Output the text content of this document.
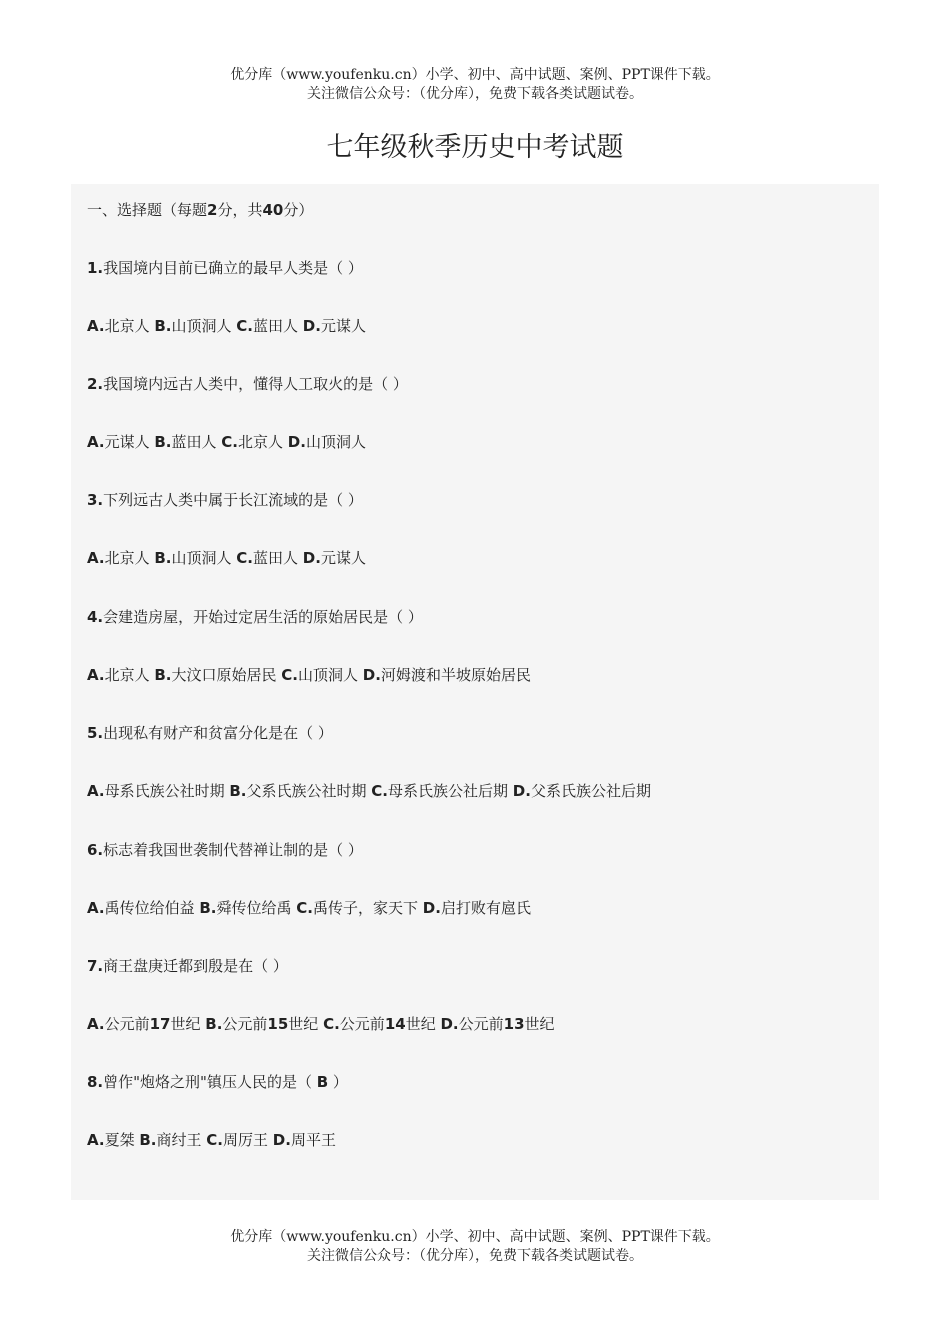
优分库（www.youfenku.cn）小学、初中、高中试题、案例、PPT课件下载。
关注微信公众号：（优分库），免费下载各类试题试卷。
七年级秋季历史中考试题
一、选择题（每题2分，共40分）
1.我国境内目前已确立的最早人类是（ ）
A.北京人 B.山顶洞人 C.蓝田人 D.元谋人
2.我国境内远古人类中，懂得人工取火的是（ ）
A.元谋人 B.蓝田人 C.北京人 D.山顶洞人
3.下列远古人类中属于长江流域的是（ ）
A.北京人 B.山顶洞人 C.蓝田人 D.元谋人
4.会建造房屋，开始过定居生活的原始居民是（ ）
A.北京人 B.大汶口原始居民 C.山顶洞人 D.河姆渡和半坡原始居民
5.出现私有财产和贫富分化是在（ ）
A.母系氏族公社时期 B.父系氏族公社时期 C.母系氏族公社后期 D.父系氏族公社后期
6.标志着我国世袭制代替禅让制的是（ ）
A.禹传位给伯益 B.舜传位给禹 C.禹传子，家天下 D.启打败有扈氏
7.商王盘庚迁都到殷是在（ ）
A.公元前17世纪 B.公元前15世纪 C.公元前14世纪 D.公元前13世纪
8.曾作"炮烙之刑"镇压人民的是（ B ）
A.夏桀 B.商纣王 C.周厉王 D.周平王
优分库（www.youfenku.cn）小学、初中、高中试题、案例、PPT课件下载。
关注微信公众号：（优分库），免费下载各类试题试卷。
